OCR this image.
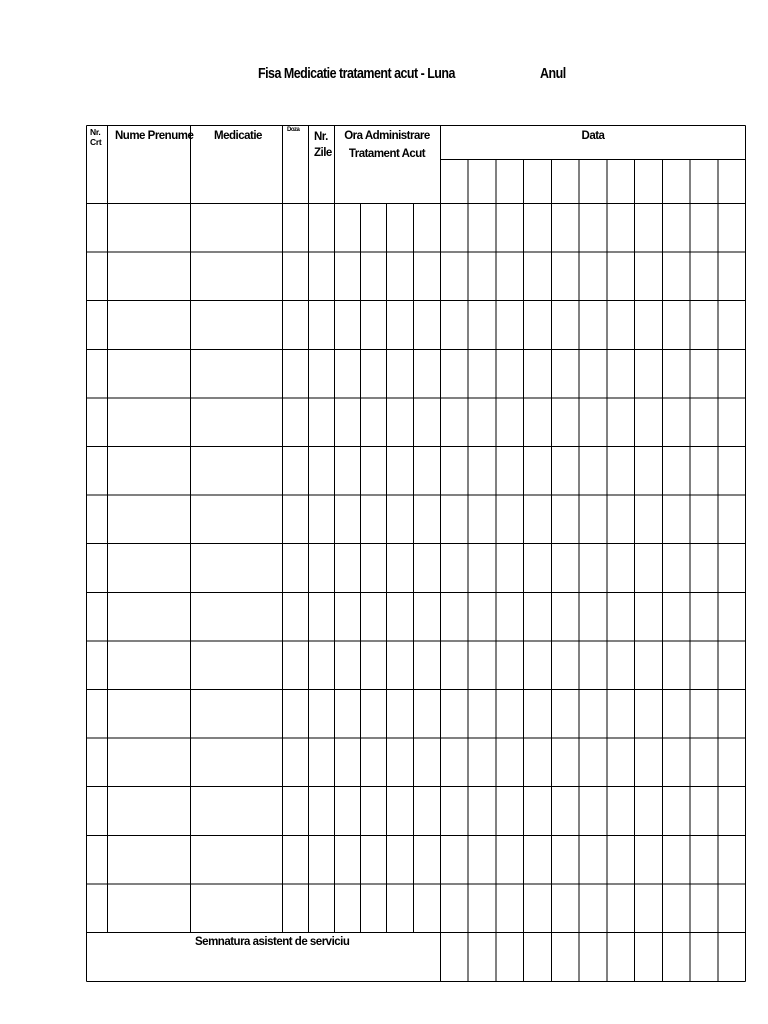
Fisa Medicatie tratament acut - Luna	Anul
Nr.
Crt Nume Prenume Medicatie	Doza
Nr.
Zile
Ora Administrare
Tratament Acut
Data
Semnatura asistent de serviciu
